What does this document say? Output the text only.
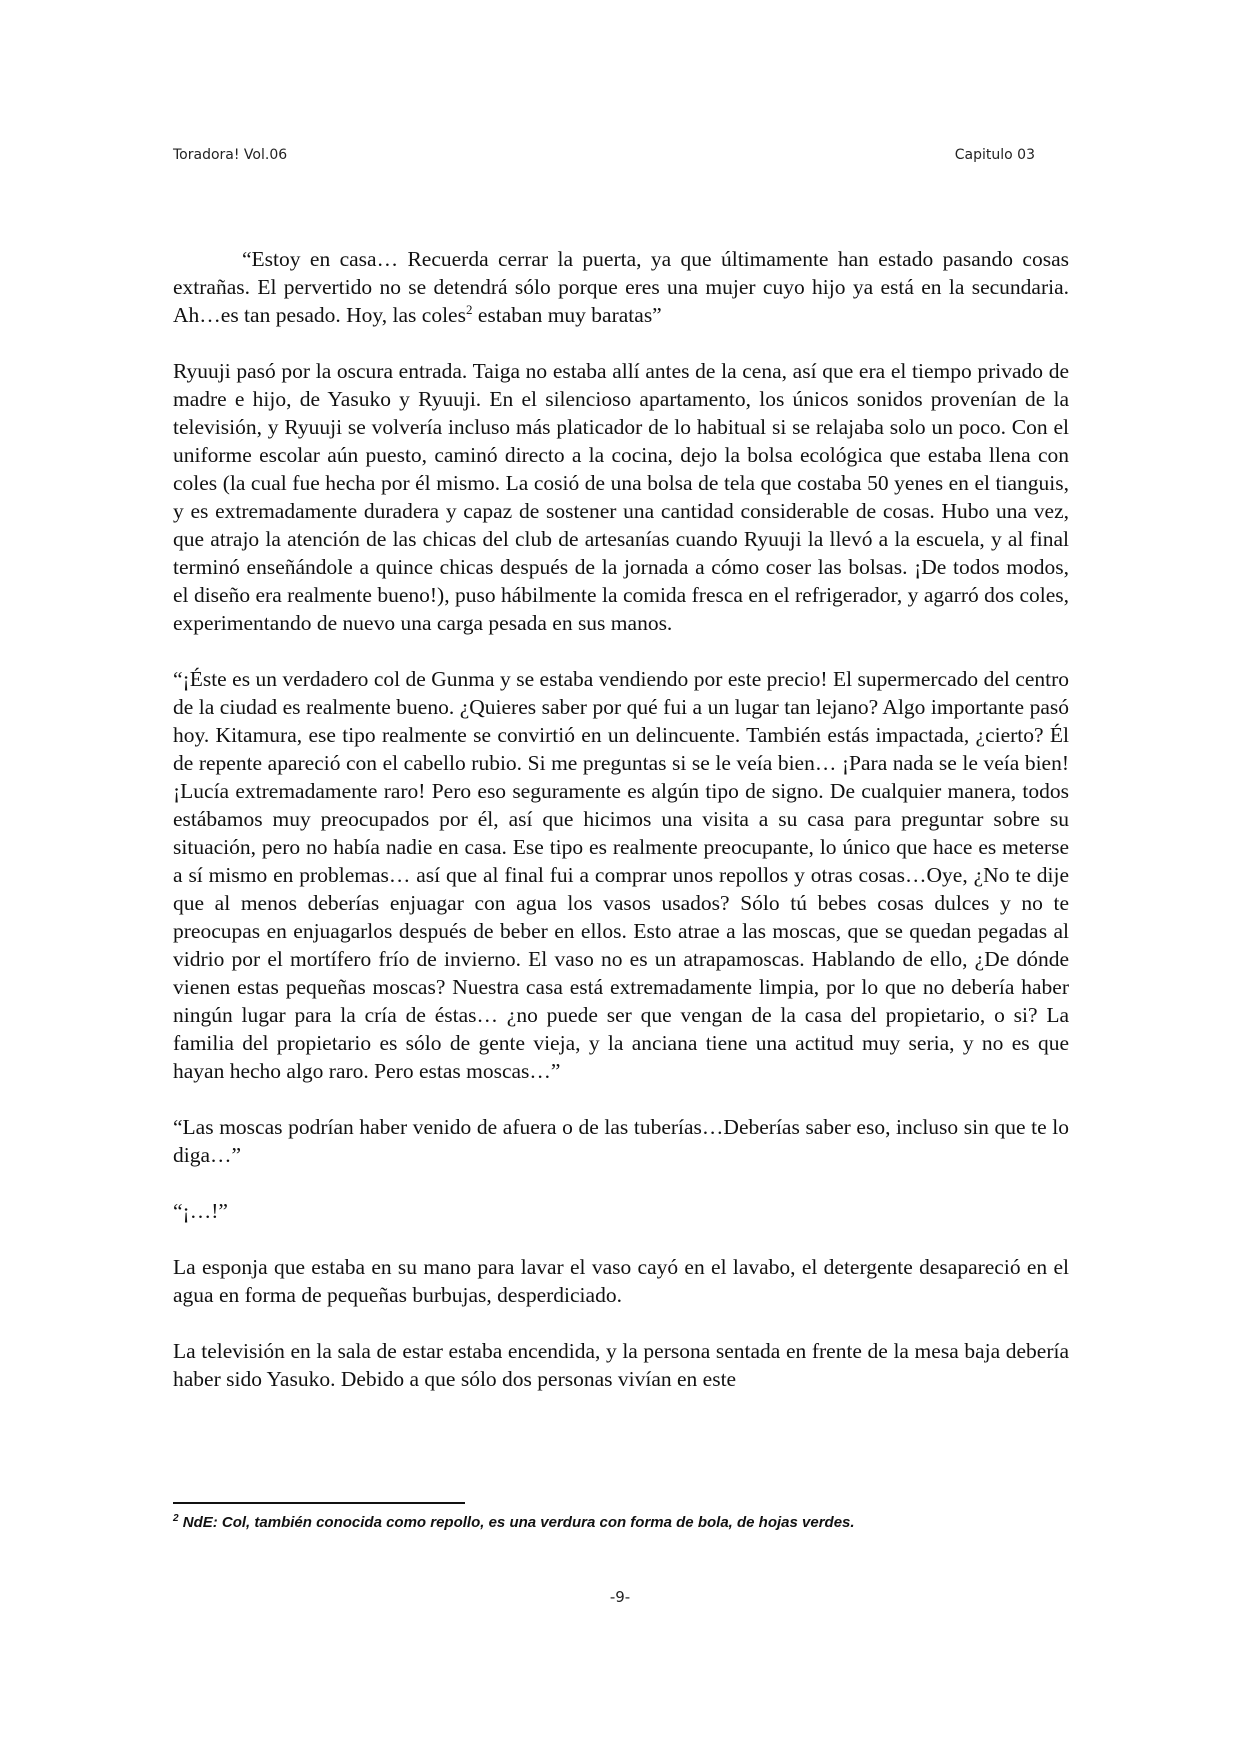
Toradora! Vol.06	Capitulo 03

“Estoy en casa… Recuerda cerrar la puerta, ya que últimamente han estado pasando cosas extrañas. El pervertido no se detendrá sólo porque eres una mujer cuyo hijo ya está en la secundaria. Ah…es tan pesado. Hoy, las coles$^2$ estaban muy baratas”

Ryuuji pasó por la oscura entrada. Taiga no estaba allí antes de la cena, así que era el tiempo privado de madre e hijo, de Yasuko y Ryuuji. En el silencioso apartamento, los únicos sonidos provenían de la televisión, y Ryuuji se volvería incluso más platicador de lo habitual si se relajaba solo un poco. Con el uniforme escolar aún puesto, caminó directo a la cocina, dejo la bolsa ecológica que estaba llena con coles (la cual fue hecha por él mismo. La cosió de una bolsa de tela que costaba 50 yenes en el tianguis, y es extremadamente duradera y capaz de sostener una cantidad considerable de cosas. Hubo una vez, que atrajo la atención de las chicas del club de artesanías cuando Ryuuji la llevó a la escuela, y al final terminó enseñándole a quince chicas después de la jornada a cómo coser las bolsas. ¡De todos modos, el diseño era realmente bueno!), puso hábilmente la comida fresca en el refrigerador, y agarró dos coles, experimentando de nuevo una carga pesada en sus manos.

“¡Éste es un verdadero col de Gunma y se estaba vendiendo por este precio! El supermercado del centro de la ciudad es realmente bueno. ¿Quieres saber por qué fui a un lugar tan lejano? Algo importante pasó hoy. Kitamura, ese tipo realmente se convirtió en un delincuente. También estás impactada, ¿cierto? Él de repente apareció con el cabello rubio. Si me preguntas si se le veía bien… ¡Para nada se le veía bien! ¡Lucía extremadamente raro! Pero eso seguramente es algún tipo de signo. De cualquier manera, todos estábamos muy preocupados por él, así que hicimos una visita a su casa para preguntar sobre su situación, pero no había nadie en casa. Ese tipo es realmente preocupante, lo único que hace es meterse a sí mismo en problemas… así que al final fui a comprar unos repollos y otras cosas…Oye, ¿No te dije que al menos deberías enjuagar con agua los vasos usados? Sólo tú bebes cosas dulces y no te preocupas en enjuagarlos después de beber en ellos. Esto atrae a las moscas, que se quedan pegadas al vidrio por el mortífero frío de invierno. El vaso no es un atrapamoscas. Hablando de ello, ¿De dónde vienen estas pequeñas moscas? Nuestra casa está extremadamente limpia, por lo que no debería haber ningún lugar para la cría de éstas… ¿no puede ser que vengan de la casa del propietario, o si? La familia del propietario es sólo de gente vieja, y la anciana tiene una actitud muy seria, y no es que hayan hecho algo raro. Pero estas moscas…”

“Las moscas podrían haber venido de afuera o de las tuberías…Deberías saber eso, incluso sin que te lo diga…”

“¡…!”

La esponja que estaba en su mano para lavar el vaso cayó en el lavabo, el detergente desapareció en el agua en forma de pequeñas burbujas, desperdiciado.

La televisión en la sala de estar estaba encendida, y la persona sentada en frente de la mesa baja debería haber sido Yasuko. Debido a que sólo dos personas vivían en este

$^2$ NdE: Col, también conocida como repollo, es una verdura con forma de bola, de hojas verdes.
-9-
